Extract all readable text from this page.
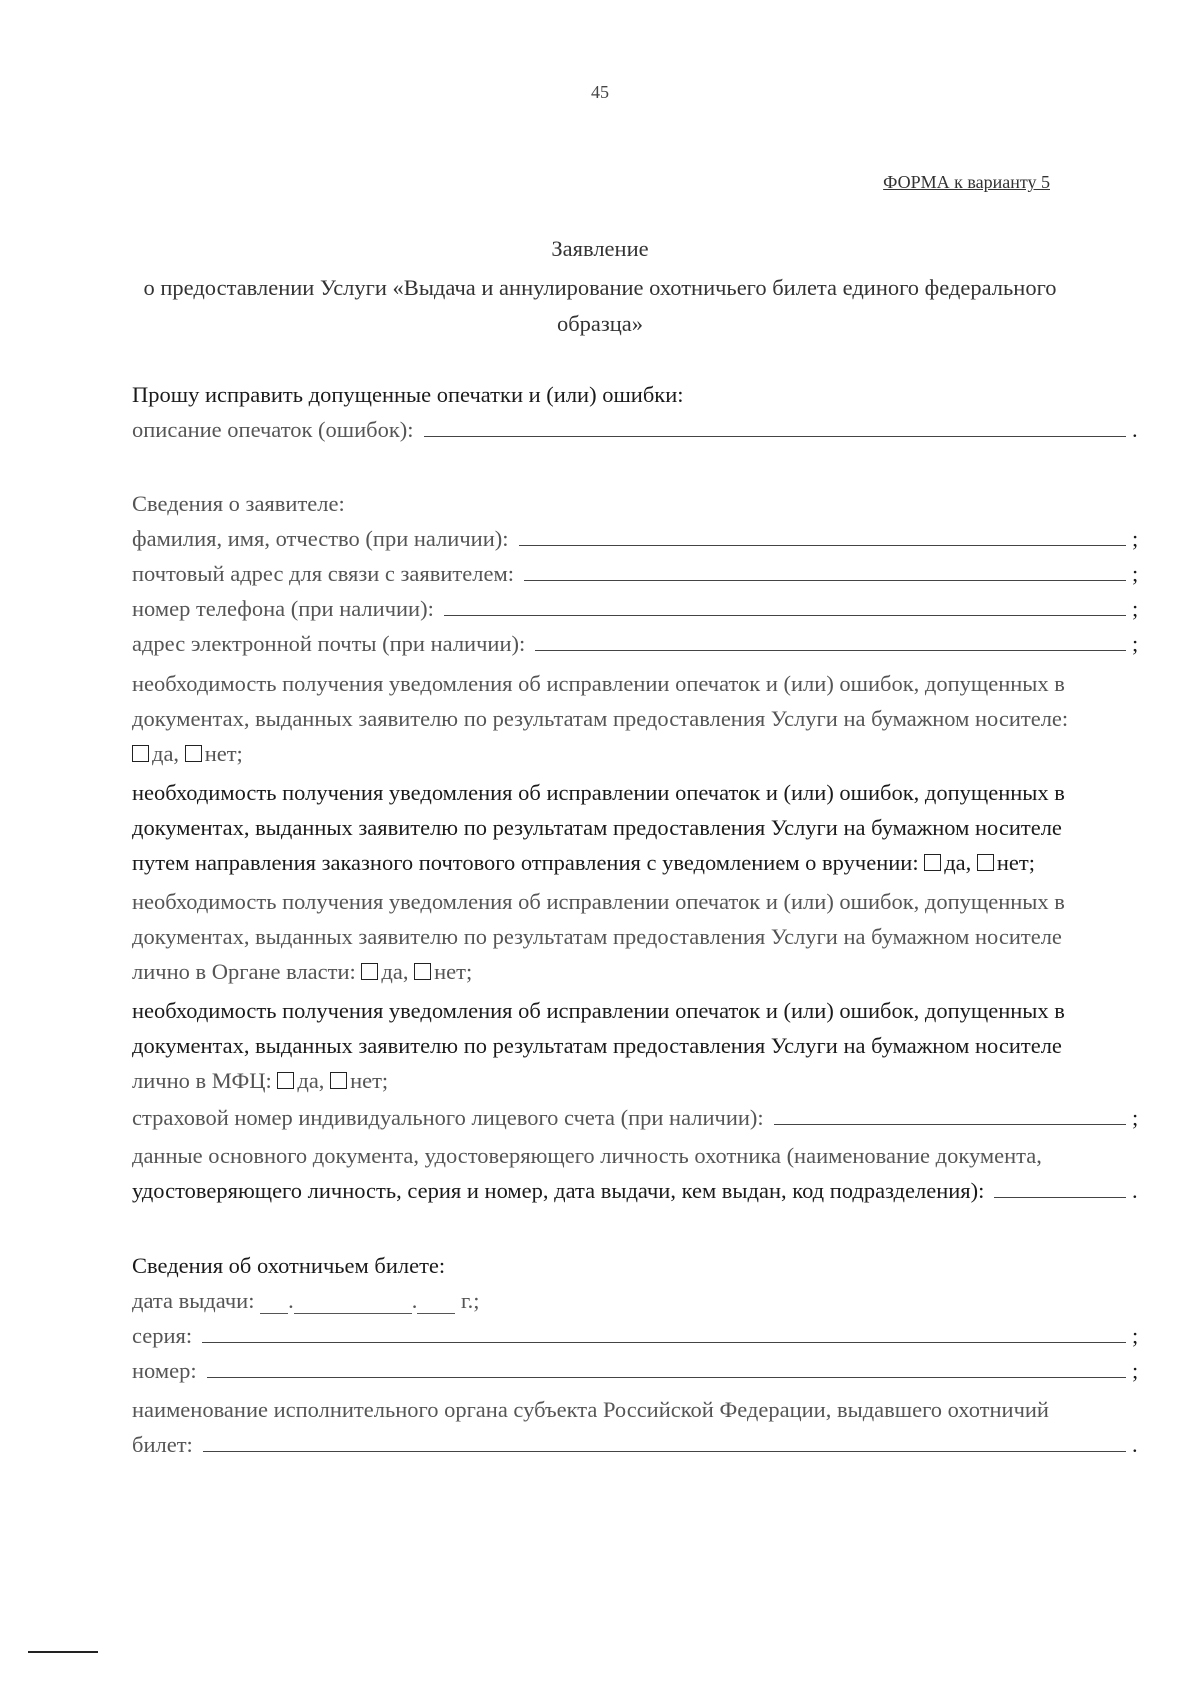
45
ФОРМА к варианту 5
Заявление
о предоставлении Услуги «Выдача и аннулирование охотничьего билета единого федерального
образца»
Прошу исправить допущенные опечатки и (или) ошибки:
описание опечаток (ошибок):	.
Сведения о заявителе:
фамилия, имя, отчество (при наличии):	;
почтовый адрес для связи с заявителем:	;
номер телефона (при наличии):	;
адрес электронной почты (при наличии):	;
необходимость получения уведомления об исправлении опечаток и (или) ошибок, допущенных в
документах, выданных заявителю по результатам предоставления Услуги на бумажном носителе:
да, нет;
необходимость получения уведомления об исправлении опечаток и (или) ошибок, допущенных в
документах, выданных заявителю по результатам предоставления Услуги на бумажном носителе
путем направления заказного почтового отправления с уведомлением о вручении: да, нет;
необходимость получения уведомления об исправлении опечаток и (или) ошибок, допущенных в
документах, выданных заявителю по результатам предоставления Услуги на бумажном носителе
лично в Органе власти: да, нет;
необходимость получения уведомления об исправлении опечаток и (или) ошибок, допущенных в
документах, выданных заявителю по результатам предоставления Услуги на бумажном носителе
лично в МФЦ: да, нет;
страховой номер индивидуального лицевого счета (при наличии):	;
данные основного документа, удостоверяющего личность охотника (наименование документа,
удостоверяющего личность, серия и номер, дата выдачи, кем выдан, код подразделения):	.
Сведения об охотничьем билете:
дата выдачи: .	. г.;
серия:	;
номер:	;
наименование исполнительного органа субъекта Российской Федерации, выдавшего охотничий
билет:	.
